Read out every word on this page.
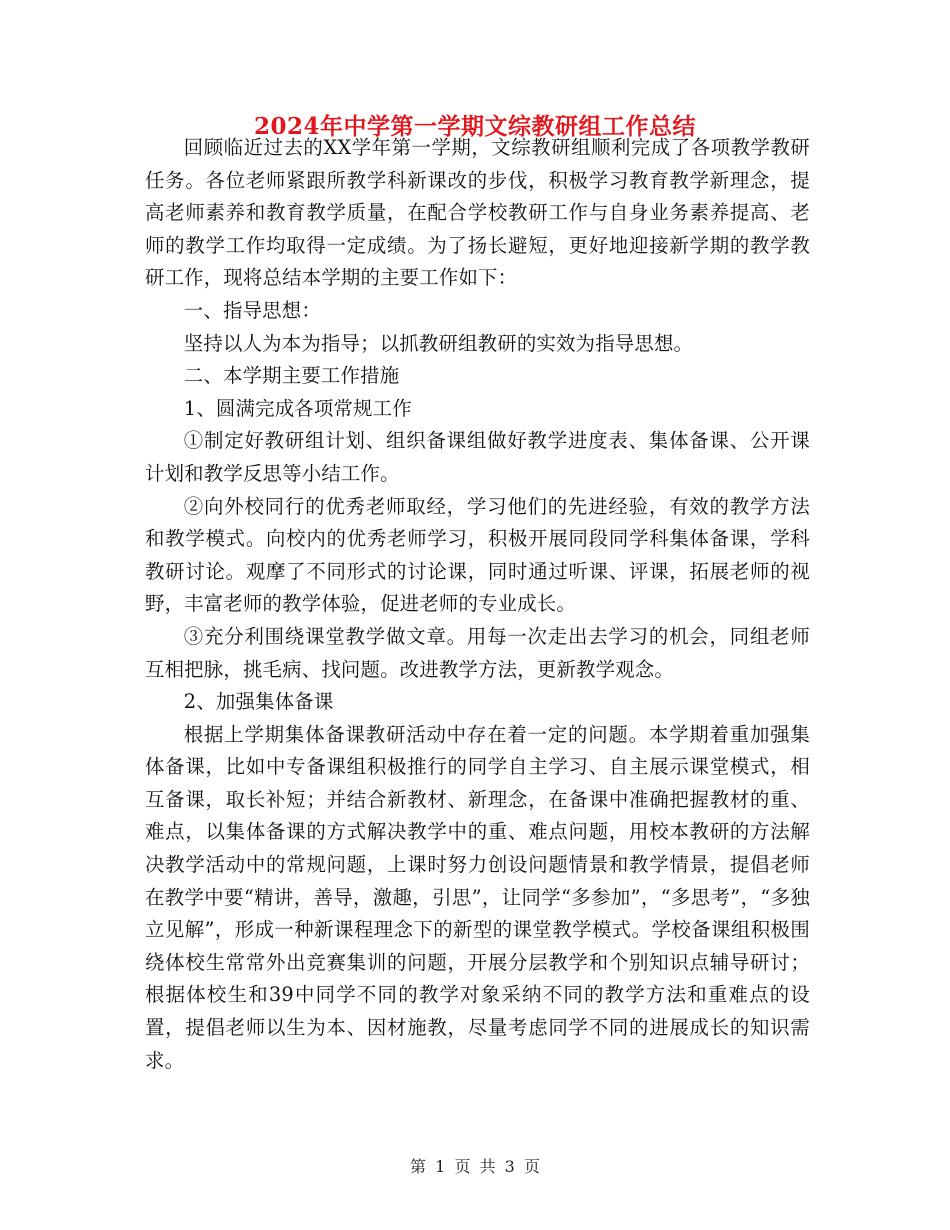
2024年中学第一学期文综教研组工作总结

回顾临近过去的XX学年第一学期，文综教研组顺利完成了各项教学教研任务。各位老师紧跟所教学科新课改的步伐，积极学习教育教学新理念，提高老师素养和教育教学质量，在配合学校教研工作与自身业务素养提高、老师的教学工作均取得一定成绩。为了扬长避短，更好地迎接新学期的教学教研工作，现将总结本学期的主要工作如下：

一、指导思想：

坚持以人为本为指导；以抓教研组教研的实效为指导思想。

二、本学期主要工作措施

1、圆满完成各项常规工作

①制定好教研组计划、组织备课组做好教学进度表、集体备课、公开课计划和教学反思等小结工作。

②向外校同行的优秀老师取经，学习他们的先进经验，有效的教学方法和教学模式。向校内的优秀老师学习，积极开展同段同学科集体备课，学科教研讨论。观摩了不同形式的讨论课，同时通过听课、评课，拓展老师的视野，丰富老师的教学体验，促进老师的专业成长。

③充分利围绕课堂教学做文章。用每一次走出去学习的机会，同组老师互相把脉，挑毛病、找问题。改进教学方法，更新教学观念。

2、加强集体备课

根据上学期集体备课教研活动中存在着一定的问题。本学期着重加强集体备课，比如中专备课组积极推行的同学自主学习、自主展示课堂模式，相互备课，取长补短；并结合新教材、新理念，在备课中准确把握教材的重、难点，以集体备课的方式解决教学中的重、难点问题，用校本教研的方法解决教学活动中的常规问题，上课时努力创设问题情景和教学情景，提倡老师在教学中要“精讲，善导，激趣，引思”，让同学“多参加”，“多思考”，“多独立见解”，形成一种新课程理念下的新型的课堂教学模式。学校备课组积极围绕体校生常常外出竞赛集训的问题，开展分层教学和个别知识点辅导研讨；根据体校生和39中同学不同的教学对象采纳不同的教学方法和重难点的设置，提倡老师以生为本、因材施教，尽量考虑同学不同的进展成长的知识需求。

第 1 页 共 3 页
